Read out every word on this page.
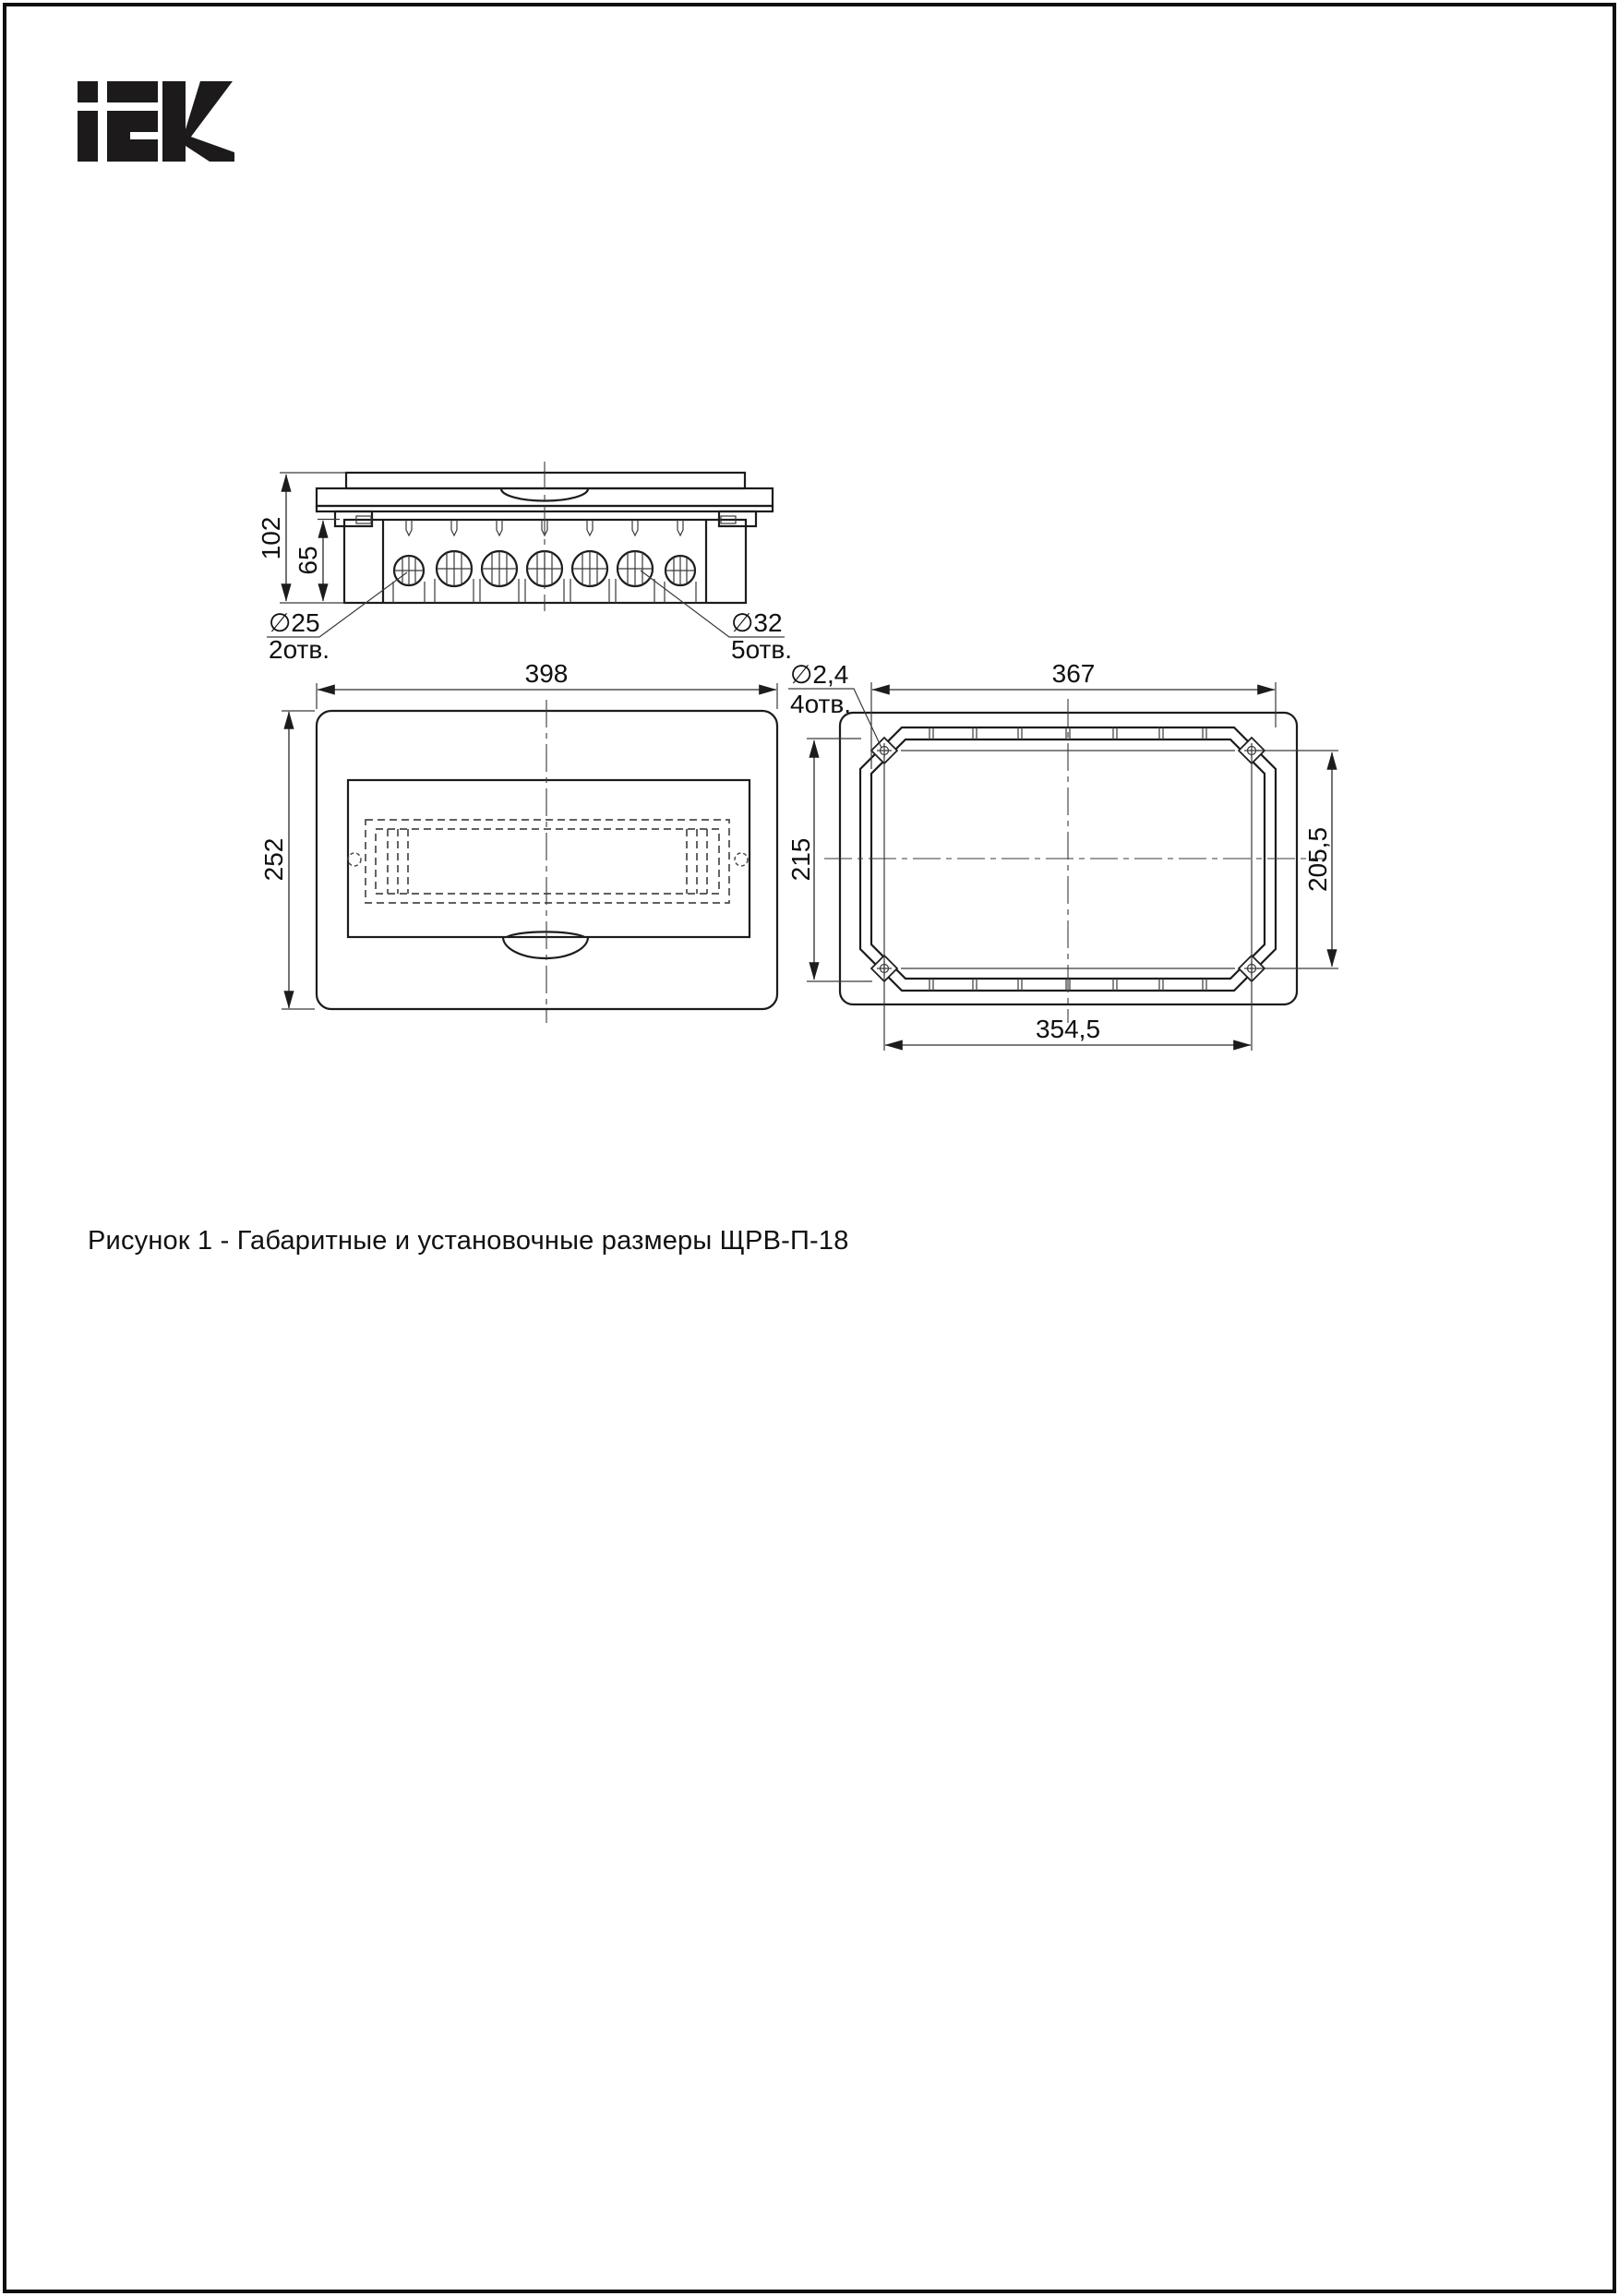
102
65
∅25
2отв.
∅32
5отв.
398
252
367
∅2,4
4отв.
215	205,5
354,5
Рисунок 1 - Габаритные и установочные размеры ЩРВ-П-18
